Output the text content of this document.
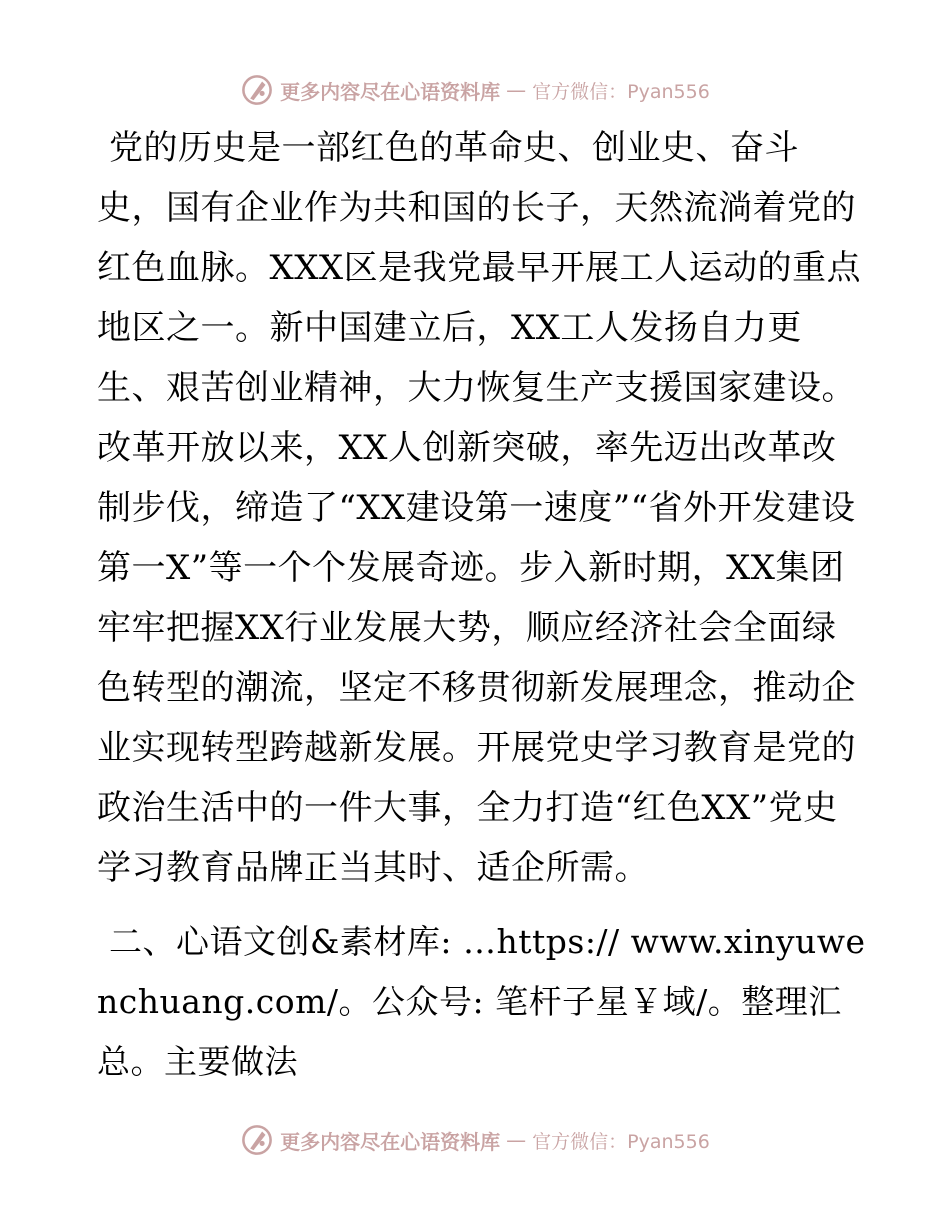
更多内容尽在心语资料库 — 官方微信：Pyan556

党的历史是一部红色的革命史、创业史、奋斗史，国有企业作为共和国的长子，天然流淌着党的红色血脉。XXX区是我党最早开展工人运动的重点地区之一。新中国建立后，XX工人发扬自力更生、艰苦创业精神，大力恢复生产支援国家建设。改革开放以来，XX人创新突破，率先迈出改革改制步伐，缔造了“XX建设第一速度”“省外开发建设第一X”等一个个发展奇迹。步入新时期，XX集团牢牢把握XX行业发展大势，顺应经济社会全面绿色转型的潮流，坚定不移贯彻新发展理念，推动企业实现转型跨越新发展。开展党史学习教育是党的政治生活中的一件大事，全力打造“红色XX”党史学习教育品牌正当其时、适企所需。

二、心语文创&素材库: …https:// www.xinyuwenchuang.com/。公众号: 笔杆子星￥域/。整理汇总。主要做法

更多内容尽在心语资料库 — 官方微信：Pyan556
